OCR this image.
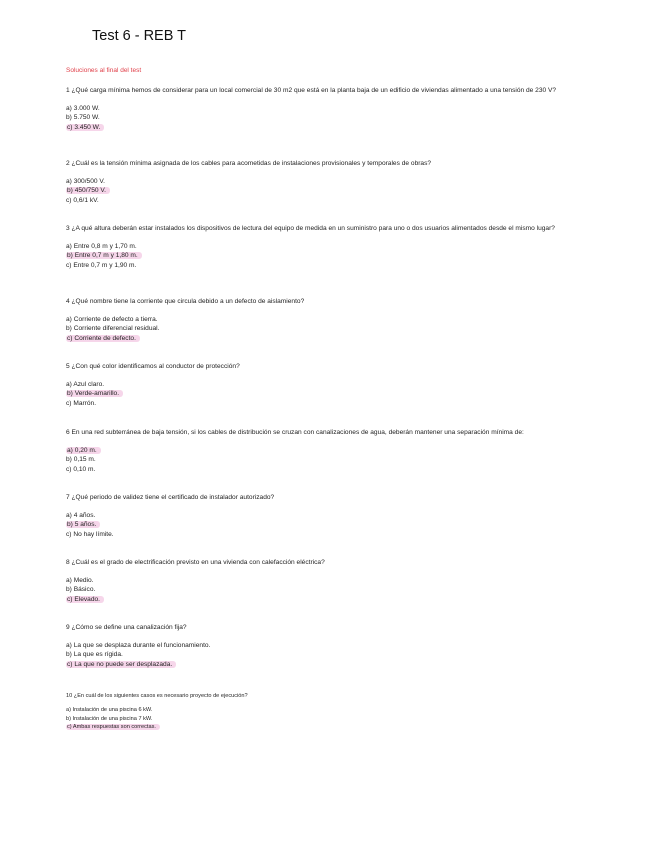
Test 6 - REB T
Soluciones al final del test

1 ¿Qué carga mínima hemos de considerar para un local comercial de 30 m2 que está en la planta baja de un edificio de viviendas alimentado a una tensión de 230 V?

a) 3.000 W.
b) 5.750 W.
c) 3.450 W.

2 ¿Cuál es la tensión mínima asignada de los cables para acometidas de instalaciones provisionales y temporales de obras?

a) 300/500 V.
b) 450/750 V.
c) 0,6/1 kV.

3 ¿A qué altura deberán estar instalados los dispositivos de lectura del equipo de medida en un suministro para uno o dos usuarios alimentados desde el mismo lugar?

a) Entre 0,8 m y 1,70 m.
b) Entre 0,7 m y 1,80 m.
c) Entre 0,7 m y 1,90 m.

4 ¿Qué nombre tiene la corriente que circula debido a un defecto de aislamiento?

a) Corriente de defecto a tierra.
b) Corriente diferencial residual.
c) Corriente de defecto.

5 ¿Con qué color identificamos al conductor de protección?

a) Azul claro.
b) Verde-amarillo.
c) Marrón.

6 En una red subterránea de baja tensión, si los cables de distribución se cruzan con canalizaciones de agua, deberán mantener una separación mínima de:

a) 0,20 m.
b) 0,15 m.
c) 0,10 m.

7 ¿Qué periodo de validez tiene el certificado de instalador autorizado?

a) 4 años.
b) 5 años.
c) No hay límite.

8 ¿Cuál es el grado de electrificación previsto en una vivienda con calefacción eléctrica?

a) Medio.
b) Básico.
c) Elevado.

9 ¿Cómo se define una canalización fija?

a) La que se desplaza durante el funcionamiento.
b) La que es rígida.
c) La que no puede ser desplazada.

10 ¿En cuál de los siguientes casos es necesario proyecto de ejecución?

a) Instalación de una piscina 6 kW.
b) Instalación de una piscina 7 kW.
c) Ambas respuestas son correctas.
